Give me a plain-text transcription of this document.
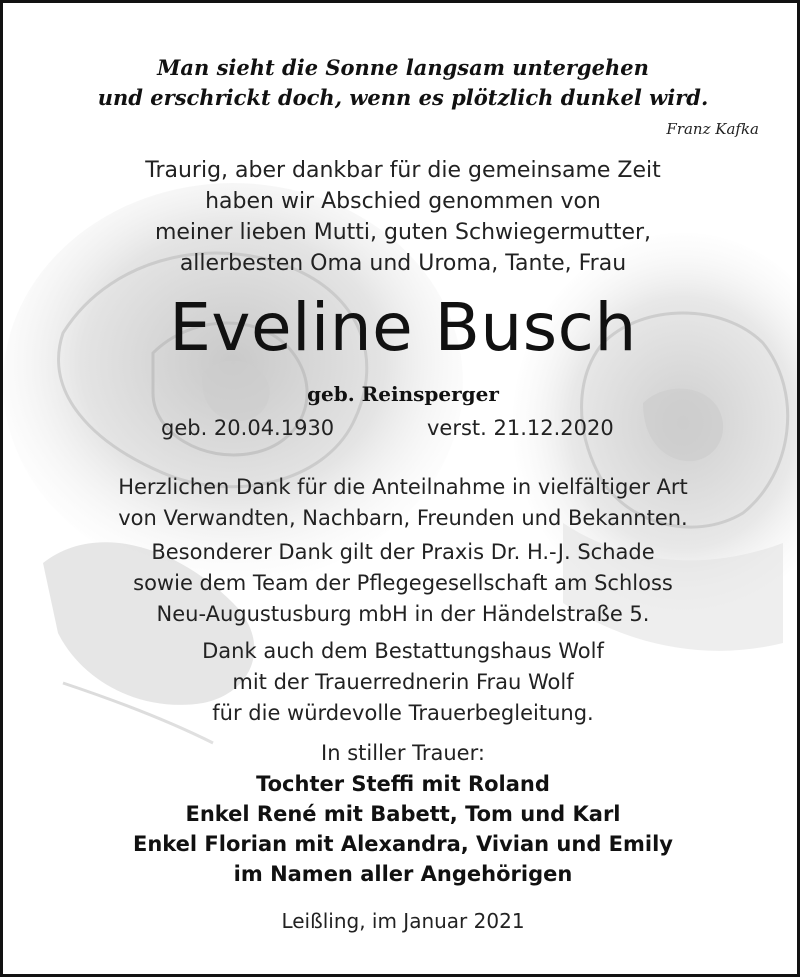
Man sieht die Sonne langsam untergehen
und erschrickt doch, wenn es plötzlich dunkel wird.
Franz Kafka
Traurig, aber dankbar für die gemeinsame Zeit
haben wir Abschied genommen von
meiner lieben Mutti, guten Schwiegermutter,
allerbesten Oma und Uroma, Tante, Frau
Eveline Busch
geb. Reinsperger
geb. 20.04.1930	verst. 21.12.2020
Herzlichen Dank für die Anteilnahme in vielfältiger Art
von Verwandten, Nachbarn, Freunden und Bekannten.
Besonderer Dank gilt der Praxis Dr. H.-J. Schade
sowie dem Team der Pflegegesellschaft am Schloss
Neu-Augustusburg mbH in der Händelstraße 5.
Dank auch dem Bestattungshaus Wolf
mit der Trauerrednerin Frau Wolf
für die würdevolle Trauerbegleitung.
In stiller Trauer:
Tochter Steffi mit Roland
Enkel René mit Babett, Tom und Karl
Enkel Florian mit Alexandra, Vivian und Emily
im Namen aller Angehörigen
Leißling, im Januar 2021
